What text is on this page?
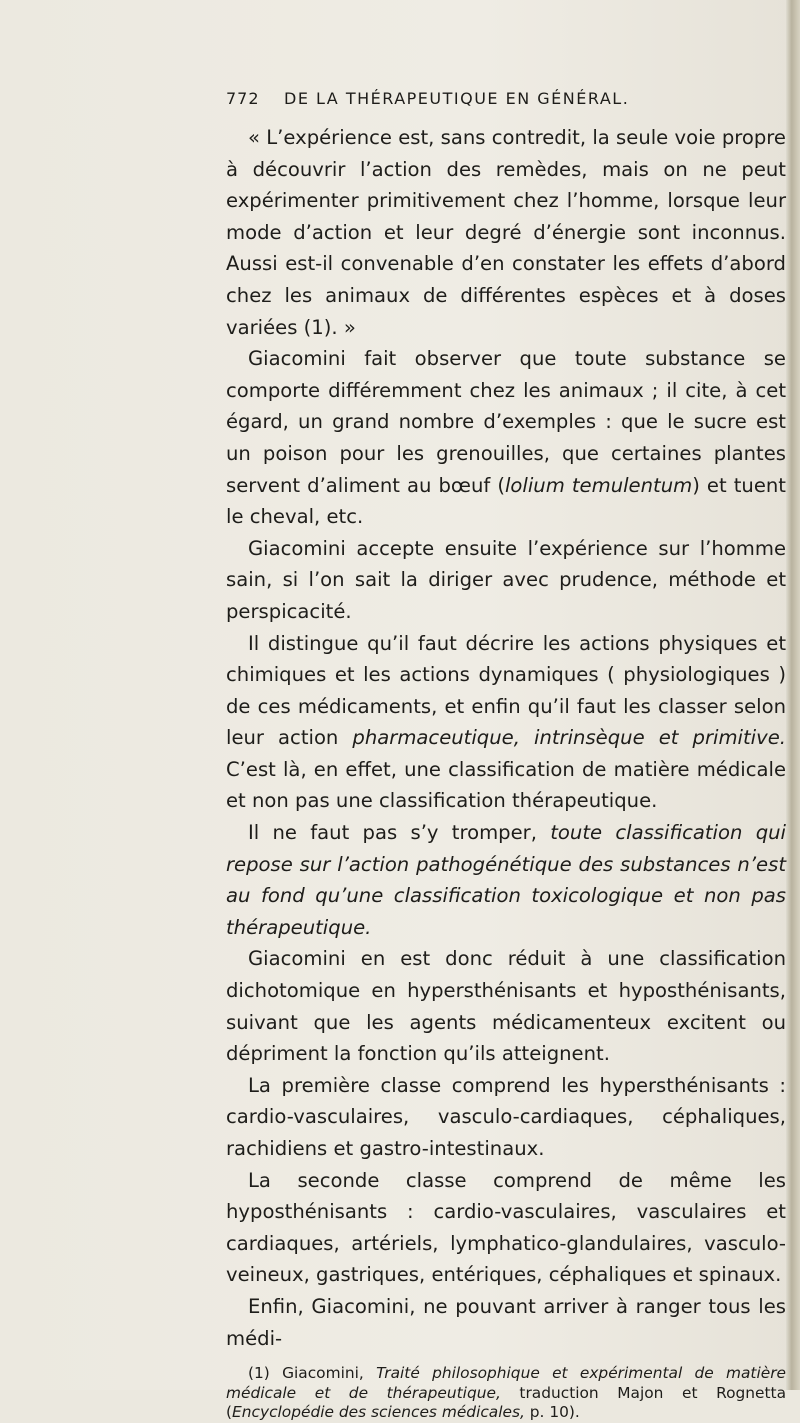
772 DE LA THÉRAPEUTIQUE EN GÉNÉRAL.

« L’expérience est, sans contredit, la seule voie propre à découvrir l’action des remèdes, mais on ne peut expérimenter primitivement chez l’homme, lorsque leur mode d’action et leur degré d’énergie sont inconnus. Aussi est-il convenable d’en constater les effets d’abord chez les animaux de différentes espèces et à doses variées (1). »

Giacomini fait observer que toute substance se comporte différemment chez les animaux ; il cite, à cet égard, un grand nombre d’exemples : que le sucre est un poison pour les grenouilles, que certaines plantes servent d’aliment au bœuf (lolium temulentum) et tuent le cheval, etc.

Giacomini accepte ensuite l’expérience sur l’homme sain, si l’on sait la diriger avec prudence, méthode et perspicacité.

Il distingue qu’il faut décrire les actions physiques et chimiques et les actions dynamiques ( physiologiques ) de ces médicaments, et enfin qu’il faut les classer selon leur action pharmaceutique, intrinsèque et primitive. C’est là, en effet, une classification de matière médicale et non pas une classification thérapeutique.

Il ne faut pas s’y tromper, toute classification qui repose sur l’action pathogénétique des substances n’est au fond qu’une classification toxicologique et non pas thérapeutique.

Giacomini en est donc réduit à une classification dichotomique en hypersthénisants et hyposthénisants, suivant que les agents médicamenteux excitent ou dépriment la fonction qu’ils atteignent.

La première classe comprend les hypersthénisants : cardio-vasculaires, vasculo-cardiaques, céphaliques, rachidiens et gastro-intestinaux.

La seconde classe comprend de même les hyposthénisants : cardio-vasculaires, vasculaires et cardiaques, artériels, lymphatico-glandulaires, vasculo-veineux, gastriques, entériques, céphaliques et spinaux.

Enfin, Giacomini, ne pouvant arriver à ranger tous les médi-

(1) Giacomini, Traité philosophique et expérimental de matière médicale et de thérapeutique, traduction Majon et Rognetta (Encyclopédie des sciences médicales, p. 10).
